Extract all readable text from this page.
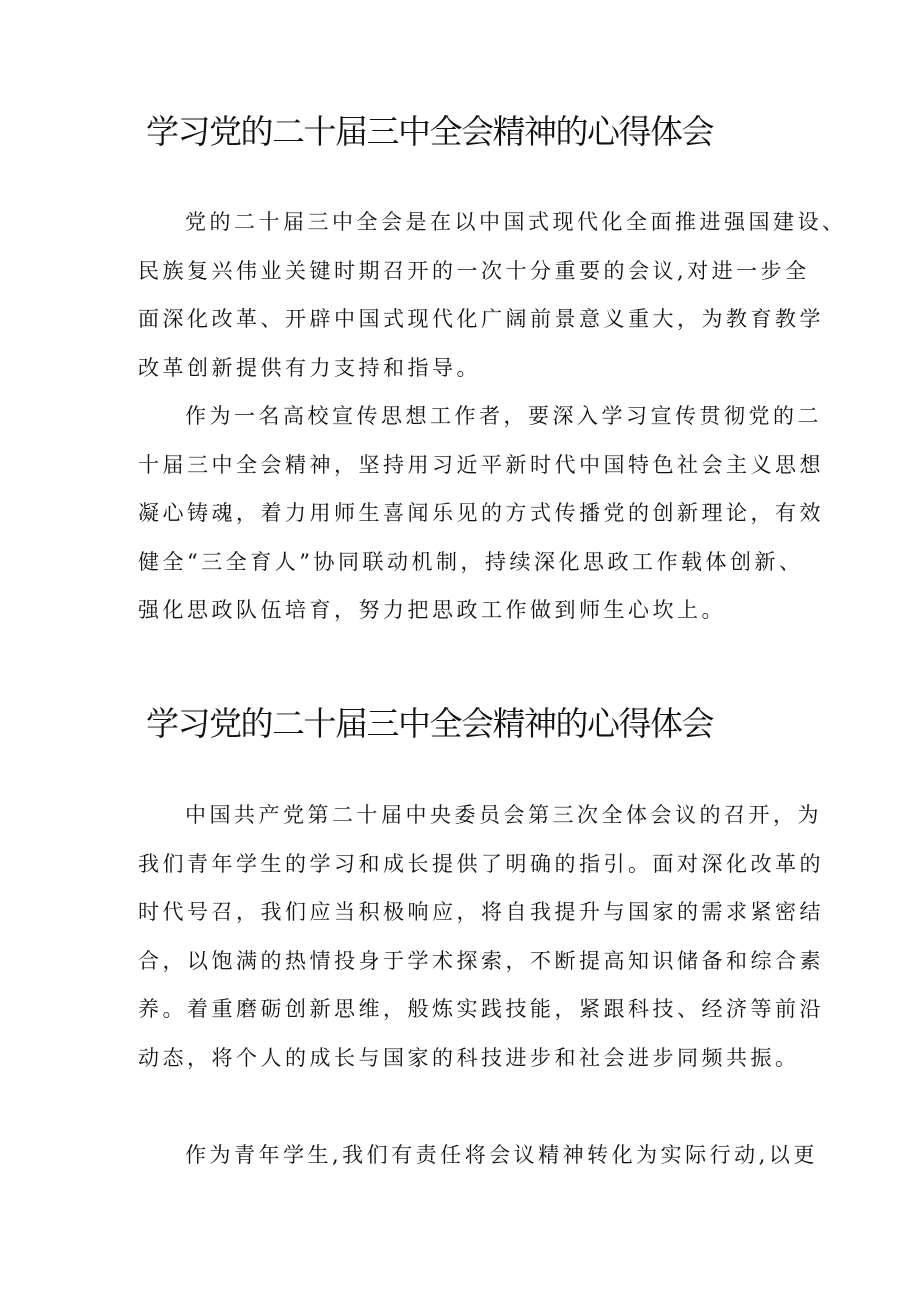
学习党的二十届三中全会精神的心得体会
党的二十届三中全会是在以中国式现代化全面推进强国建设、
民族复兴伟业关键时期召开的一次十分重要的会议,对进一步全
面深化改革、开辟中国式现代化广阔前景意义重大，为教育教学
改革创新提供有力支持和指导。
作为一名高校宣传思想工作者，要深入学习宣传贯彻党的二
十届三中全会精神，坚持用习近平新时代中国特色社会主义思想
凝心铸魂，着力用师生喜闻乐见的方式传播党的创新理论，有效
健全“三全育人”协同联动机制，持续深化思政工作载体创新、
强化思政队伍培育，努力把思政工作做到师生心坎上。
学习党的二十届三中全会精神的心得体会
中国共产党第二十届中央委员会第三次全体会议的召开，为
我们青年学生的学习和成长提供了明确的指引。面对深化改革的
时代号召，我们应当积极响应，将自我提升与国家的需求紧密结
合，以饱满的热情投身于学术探索，不断提高知识储备和综合素
养。着重磨砺创新思维，般炼实践技能，紧跟科技、经济等前沿
动态，将个人的成长与国家的科技进步和社会进步同频共振。
作为青年学生,我们有责任将会议精神转化为实际行动,以更
